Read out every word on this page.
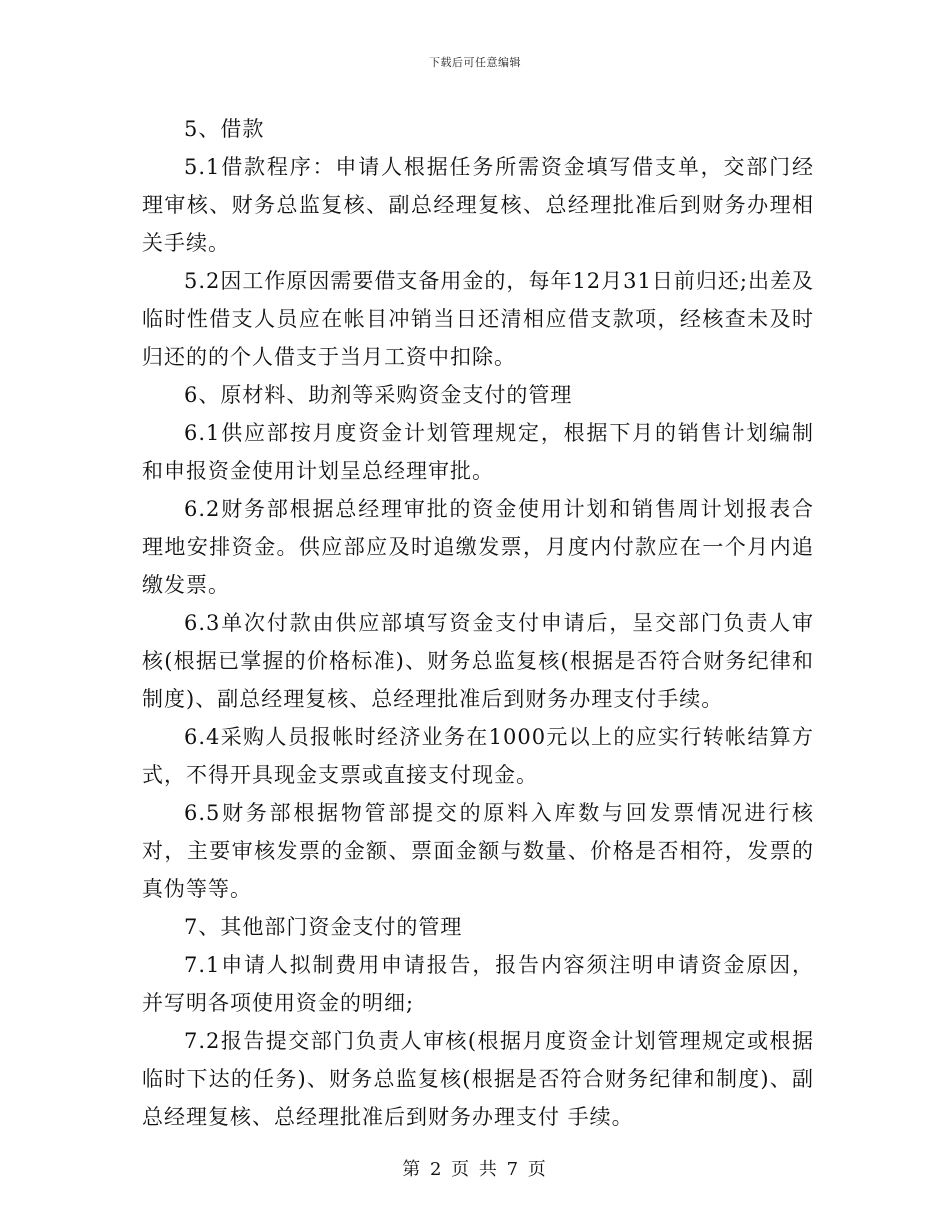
下载后可任意编辑

5、借款

5.1借款程序：申请人根据任务所需资金填写借支单，交部门经理审核、财务总监复核、副总经理复核、总经理批准后到财务办理相关手续。

5.2因工作原因需要借支备用金的，每年12月31日前归还;出差及临时性借支人员应在帐目冲销当日还清相应借支款项，经核查未及时归还的的个人借支于当月工资中扣除。

6、原材料、助剂等采购资金支付的管理

6.1供应部按月度资金计划管理规定，根据下月的销售计划编制和申报资金使用计划呈总经理审批。

6.2财务部根据总经理审批的资金使用计划和销售周计划报表合理地安排资金。供应部应及时追缴发票，月度内付款应在一个月内追缴发票。

6.3单次付款由供应部填写资金支付申请后，呈交部门负责人审核(根据已掌握的价格标准)、财务总监复核(根据是否符合财务纪律和制度)、副总经理复核、总经理批准后到财务办理支付手续。

6.4采购人员报帐时经济业务在1000元以上的应实行转帐结算方式，不得开具现金支票或直接支付现金。

6.5财务部根据物管部提交的原料入库数与回发票情况进行核对，主要审核发票的金额、票面金额与数量、价格是否相符，发票的真伪等等。

7、其他部门资金支付的管理

7.1申请人拟制费用申请报告，报告内容须注明申请资金原因，并写明各项使用资金的明细;

7.2报告提交部门负责人审核(根据月度资金计划管理规定或根据临时下达的任务)、财务总监复核(根据是否符合财务纪律和制度)、副总经理复核、总经理批准后到财务办理支付 手续。

第 2 页 共 7 页
